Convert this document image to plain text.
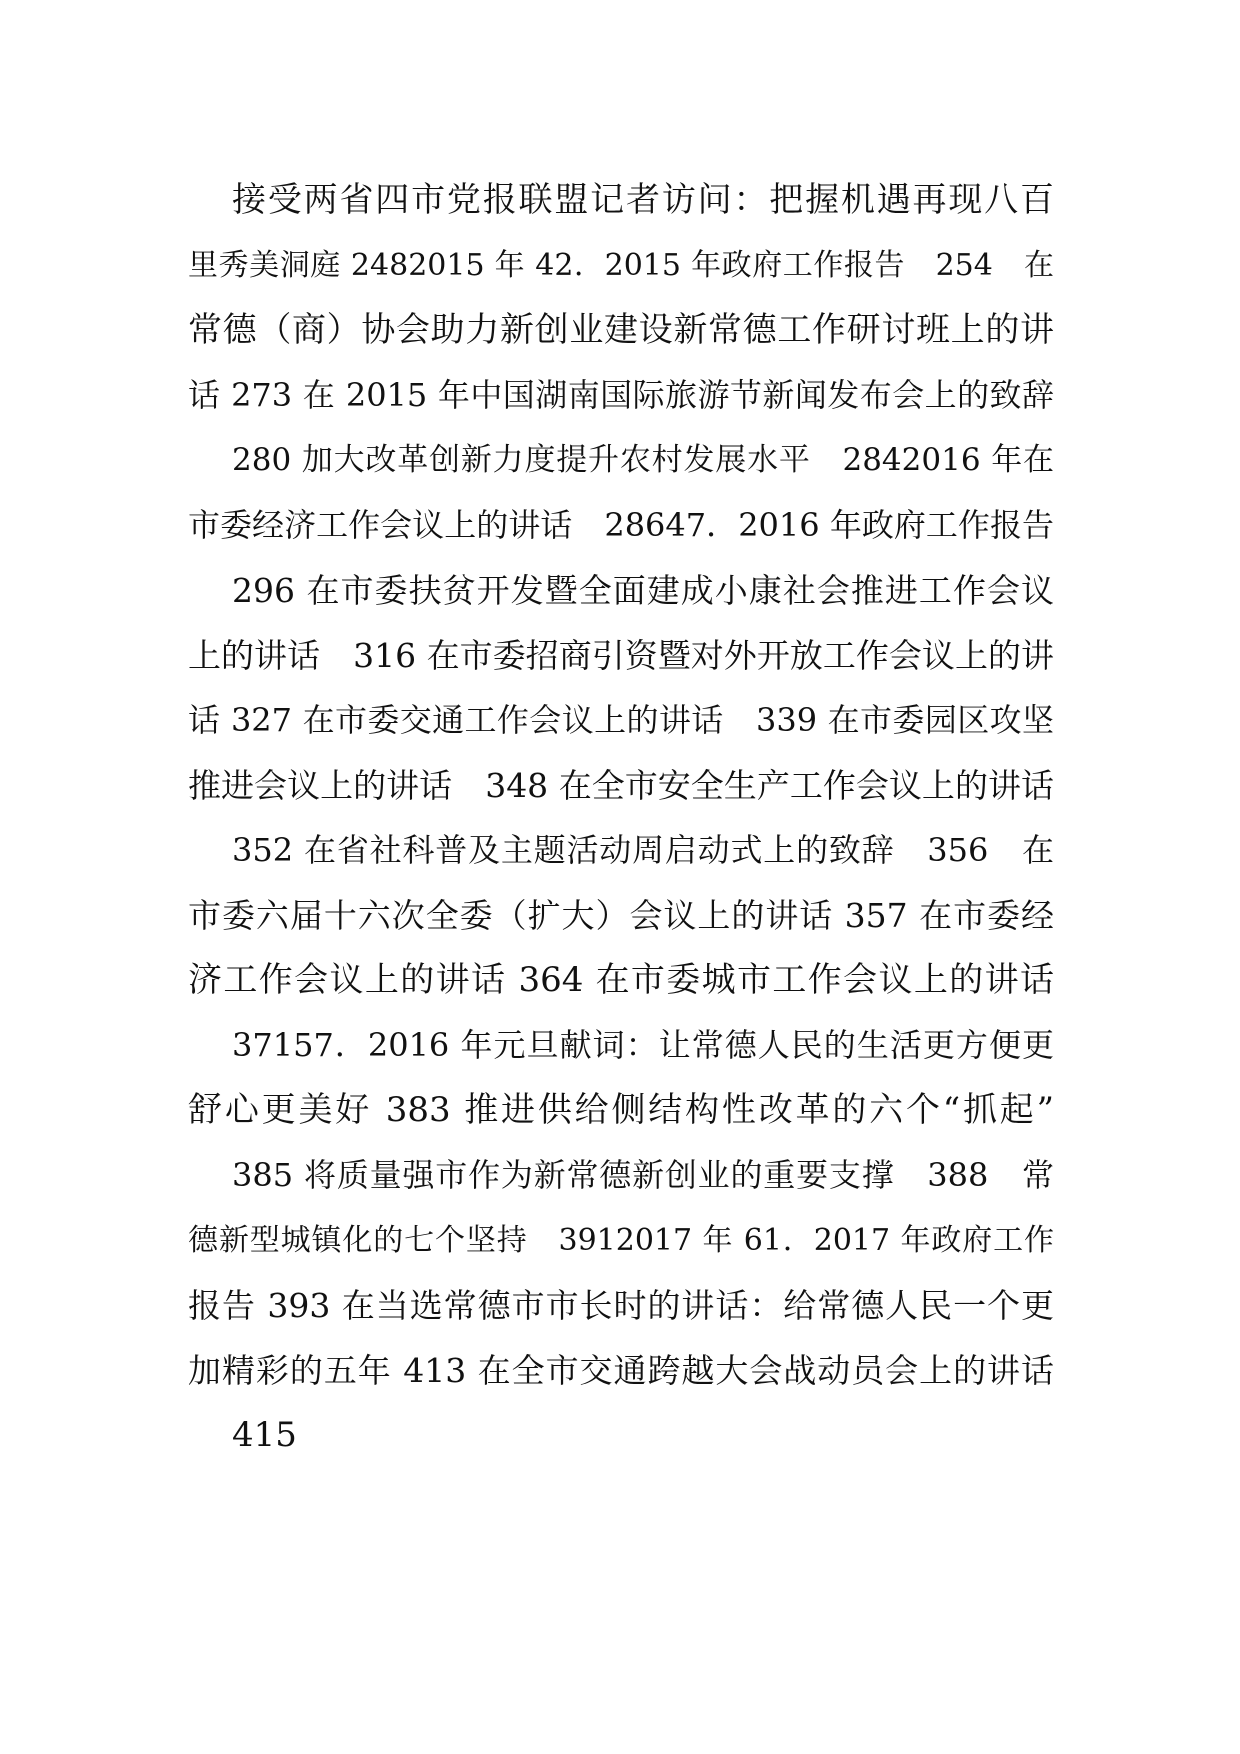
接受两省四市党报联盟记者访问：把握机遇再现八百
里秀美洞庭 2482015 年 42．2015 年政府工作报告　254　在
常德（商）协会助力新创业建设新常德工作研讨班上的讲
话 273 在 2015 年中国湖南国际旅游节新闻发布会上的致辞
280 加大改革创新力度提升农村发展水平　2842016 年在
市委经济工作会议上的讲话　28647．2016 年政府工作报告
296 在市委扶贫开发暨全面建成小康社会推进工作会议
上的讲话　316 在市委招商引资暨对外开放工作会议上的讲
话 327 在市委交通工作会议上的讲话　339 在市委园区攻坚
推进会议上的讲话　348 在全市安全生产工作会议上的讲话
352 在省社科普及主题活动周启动式上的致辞　356　在
市委六届十六次全委（扩大）会议上的讲话 357 在市委经
济工作会议上的讲话 364 在市委城市工作会议上的讲话
37157．2016 年元旦献词：让常德人民的生活更方便更
舒心更美好 383 推进供给侧结构性改革的六个“抓起”
385 将质量强市作为新常德新创业的重要支撑　388　常
德新型城镇化的七个坚持　3912017 年 61．2017 年政府工作
报告 393 在当选常德市市长时的讲话：给常德人民一个更
加精彩的五年 413 在全市交通跨越大会战动员会上的讲话
415
